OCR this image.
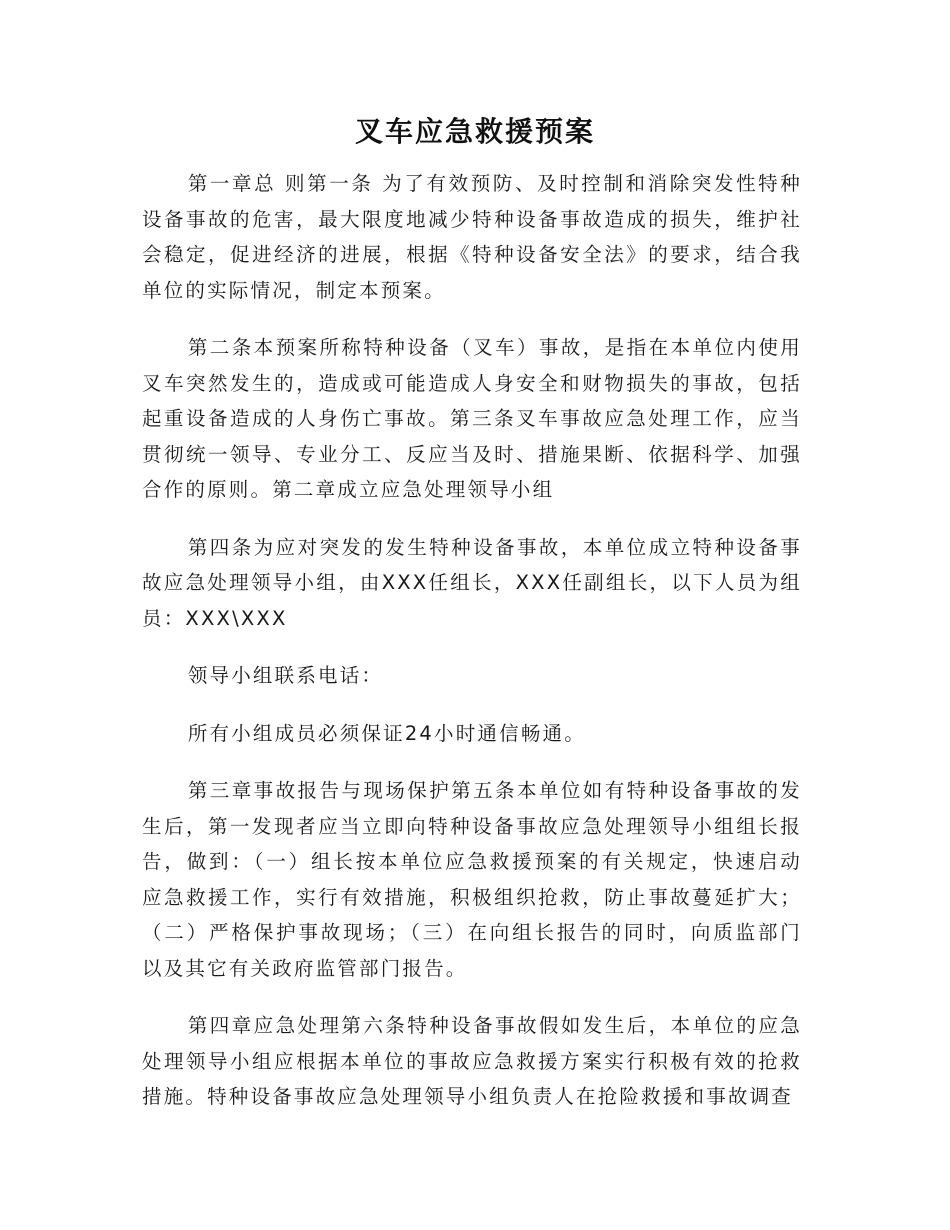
叉车应急救援预案

第一章总 则第一条 为了有效预防、及时控制和消除突发性特种设备事故的危害，最大限度地减少特种设备事故造成的损失，维护社会稳定，促进经济的进展，根据《特种设备安全法》的要求，结合我单位的实际情况，制定本预案。

第二条本预案所称特种设备（叉车）事故，是指在本单位内使用叉车突然发生的，造成或可能造成人身安全和财物损失的事故，包括起重设备造成的人身伤亡事故。第三条叉车事故应急处理工作，应当贯彻统一领导、专业分工、反应当及时、措施果断、依据科学、加强合作的原则。第二章成立应急处理领导小组

第四条为应对突发的发生特种设备事故，本单位成立特种设备事故应急处理领导小组，由XXX任组长，XXX任副组长，以下人员为组员：XXX\XXX

领导小组联系电话：

所有小组成员必须保证24小时通信畅通。

第三章事故报告与现场保护第五条本单位如有特种设备事故的发生后，第一发现者应当立即向特种设备事故应急处理领导小组组长报告，做到：（一）组长按本单位应急救援预案的有关规定，快速启动应急救援工作，实行有效措施，积极组织抢救，防止事故蔓延扩大；（二）严格保护事故现场；（三）在向组长报告的同时，向质监部门以及其它有关政府监管部门报告。

第四章应急处理第六条特种设备事故假如发生后，本单位的应急处理领导小组应根据本单位的事故应急救援方案实行积极有效的抢救措施。特种设备事故应急处理领导小组负责人在抢险救援和事故调查
